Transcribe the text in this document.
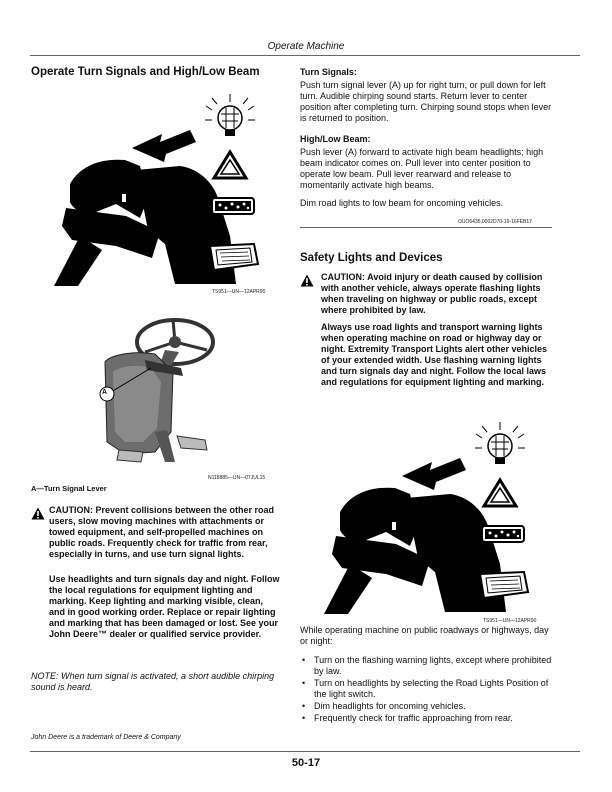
Operate Machine
Operate Turn Signals and High/Low Beam
TS951—UN—12APR90
A
N118885—UN—07JUL15
A—Turn Signal Lever
CAUTION: Prevent collisions between the other road users, slow moving machines with attachments or towed equipment, and self-propelled machines on public roads. Frequently check for traffic from rear, especially in turns, and use turn signal lights.
Use headlights and turn signals day and night. Follow the local regulations for equipment lighting and marking. Keep lighting and marking visible, clean, and in good working order. Replace or repair lighting and marking that has been damaged or lost. See your John Deere™ dealer or qualified service provider.
NOTE: When turn signal is activated, a short audible chirping sound is heard.
Turn Signals:
Push turn signal lever (A) up for right turn, or pull down for left turn. Audible chirping sound starts. Return lever to center position after completing turn. Chirping sound stops when lever is returned to position.
High/Low Beam:
Push lever (A) forward to activate high beam headlights; high beam indicator comes on. Pull lever into center position to operate low beam. Pull lever rearward and release to momentarily activate high beams.
Dim road lights to low beam for oncoming vehicles.
OUO6435,0002D70-19-16FEB17
Safety Lights and Devices
CAUTION: Avoid injury or death caused by collision with another vehicle, always operate flashing lights when traveling on highway or public roads, except where prohibited by law.
Always use road lights and transport warning lights when operating machine on road or highway day or night. Extremity Transport Lights alert other vehicles of your extended width. Use flashing warning lights and turn signals day and night. Follow the local laws and regulations for equipment lighting and marking.
TS951—UN—12APR90
While operating machine on public roadways or highways, day or night:
• Turn on the flashing warning lights, except where prohibited by law.
• Turn on headlights by selecting the Road Lights Position of the light switch.
• Dim headlights for oncoming vehicles.
• Frequently check for traffic approaching from rear.
John Deere is a trademark of Deere & Company
50-17
